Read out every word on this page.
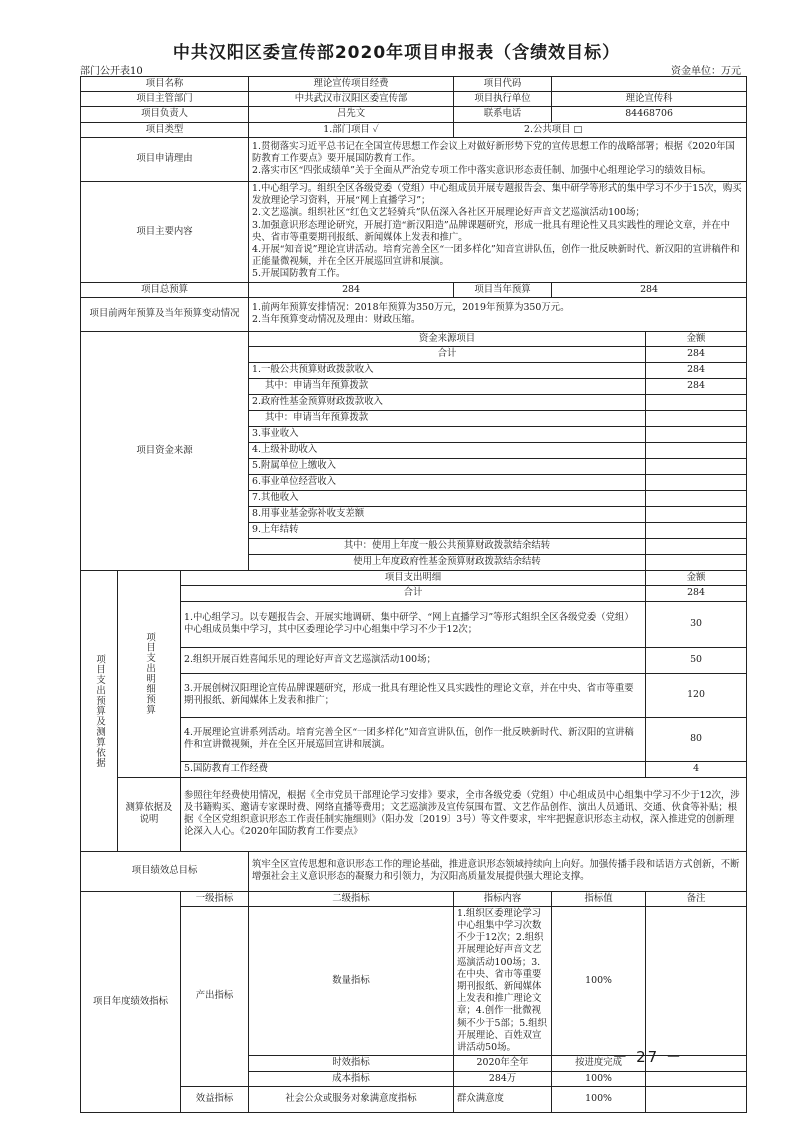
中共汉阳区委宣传部2020年项目申报表（含绩效目标）
部门公开表10	资金单位：万元
项目名称			理论宣传项目经费	项目代码		
项目主管部门			中共武汉市汉阳区委宣传部	项目执行单位	理论宣传科	
项目负责人			吕先文	联系电话	84468706	
项目类型			1.部门项目 ✓	2.公共项目 □		
项目申请理由			1.贯彻落实习近平总书记在全国宣传思想工作会议上对做好新形势下党的宣传思想工作的战略部署；根据《2020年国防教育工作要点》要开展国防教育工作。
2.落实市区“四张成绩单”关于全面从严治党专项工作中落实意识形态责任制、加强中心组理论学习的绩效目标。			
项目主要内容			1.中心组学习。组织全区各级党委（党组）中心组成员开展专题报告会、集中研学等形式的集中学习不少于15次，购买发放理论学习资料，开展“网上直播学习”；
2.文艺巡演。组织社区“红色文艺轻骑兵”队伍深入各社区开展理论好声音文艺巡演活动100场；
3.加强意识形态理论研究，开展打造“新汉阳造”品牌课题研究，形成一批具有理论性又具实践性的理论文章，并在中央、省市等重要期刊报纸、新闻媒体上发表和推广。
4.开展“知音说”理论宣讲活动。培育完善全区“一团多样化”知音宣讲队伍，创作一批反映新时代、新汉阳的宣讲稿件和正能量微视频，并在全区开展巡回宣讲和展演。
5.开展国防教育工作。			
项目总预算			284	项目当年预算	284	
项目前两年预算及当年预算变动情况			1.前两年预算安排情况：2018年预算为350万元，2019年预算为350万元。
2.当年预算变动情况及理由：财政压缩。			
项目资金来源			资金来源项目			金额
			合计			284
			1.一般公共预算财政拨款收入			284
			其中：申请当年预算拨款			284
			2.政府性基金预算财政拨款收入			
			其中：申请当年预算拨款			
			3.事业收入			
			4.上级补助收入			
			5.附属单位上缴收入			
			6.事业单位经营收入			
			7.其他收入			
			8.用事业基金弥补收支差额			
			9.上年结转			
			其中：使用上年度一般公共预算财政拨款结余结转			
			使用上年度政府性基金预算财政拨款结余结转			

项目支出预算及测算依据	项目支出明细预算	项目支出明细				金额
		合计				284
		1.中心组学习。以专题报告会、开展实地调研、集中研学、“网上直播学习”等形式组织全区各级党委（党组）中心组成员集中学习，其中区委理论学习中心组集中学习不少于12次；				30
		2.组织开展百姓喜闻乐见的理论好声音文艺巡演活动100场；				50
		3.开展创树汉阳理论宣传品牌课题研究，形成一批具有理论性又具实践性的理论文章，并在中央、省市等重要期刊报纸、新闻媒体上发表和推广；				120
		4.开展理论宣讲系列活动。培育完善全区“一团多样化”知音宣讲队伍，创作一批反映新时代、新汉阳的宣讲稿件和宣讲微视频，并在全区开展巡回宣讲和展演。				80
		5.国防教育工作经费				4
	测算依据及说明	参照往年经费使用情况，根据《全市党员干部理论学习安排》要求，全市各级党委（党组）中心组成员中心组集中学习不少于12次，涉及书籍购买、邀请专家课时费、网络直播等费用；文艺巡演涉及宣传氛围布置、文艺作品创作、演出人员通讯、交通、伙食等补贴；根据《全区党组织意识形态工作责任制实施细则》（阳办发〔2019〕3号）等文件要求，牢牢把握意识形态主动权，深入推进党的创新理论深入人心。《2020年国防教育工作要点》				
项目绩效总目标			筑牢全区宣传思想和意识形态工作的理论基础，推进意识形态领域持续向上向好。加强传播手段和话语方式创新，不断增强社会主义意识形态的凝聚力和引领力，为汉阳高质量发展提供强大理论支撑。			
项目年度绩效指标		一级指标	二级指标	指标内容	指标值	备注
		产出指标	数量指标	1.组织区委理论学习中心组集中学习次数不少于12次；2.组织开展理论好声音文艺巡演活动100场；3.在中央、省市等重要期刊报纸、新闻媒体上发表和推广理论文章；4.创作一批微视频不少于5部；5.组织开展理论、百姓双宣讲活动50场。	100%	
			时效指标	2020年全年	按进度完成	
			成本指标	284万	100%	
		效益指标	社会公众或服务对象满意度指标	群众满意度	100%	
－ 27 －
